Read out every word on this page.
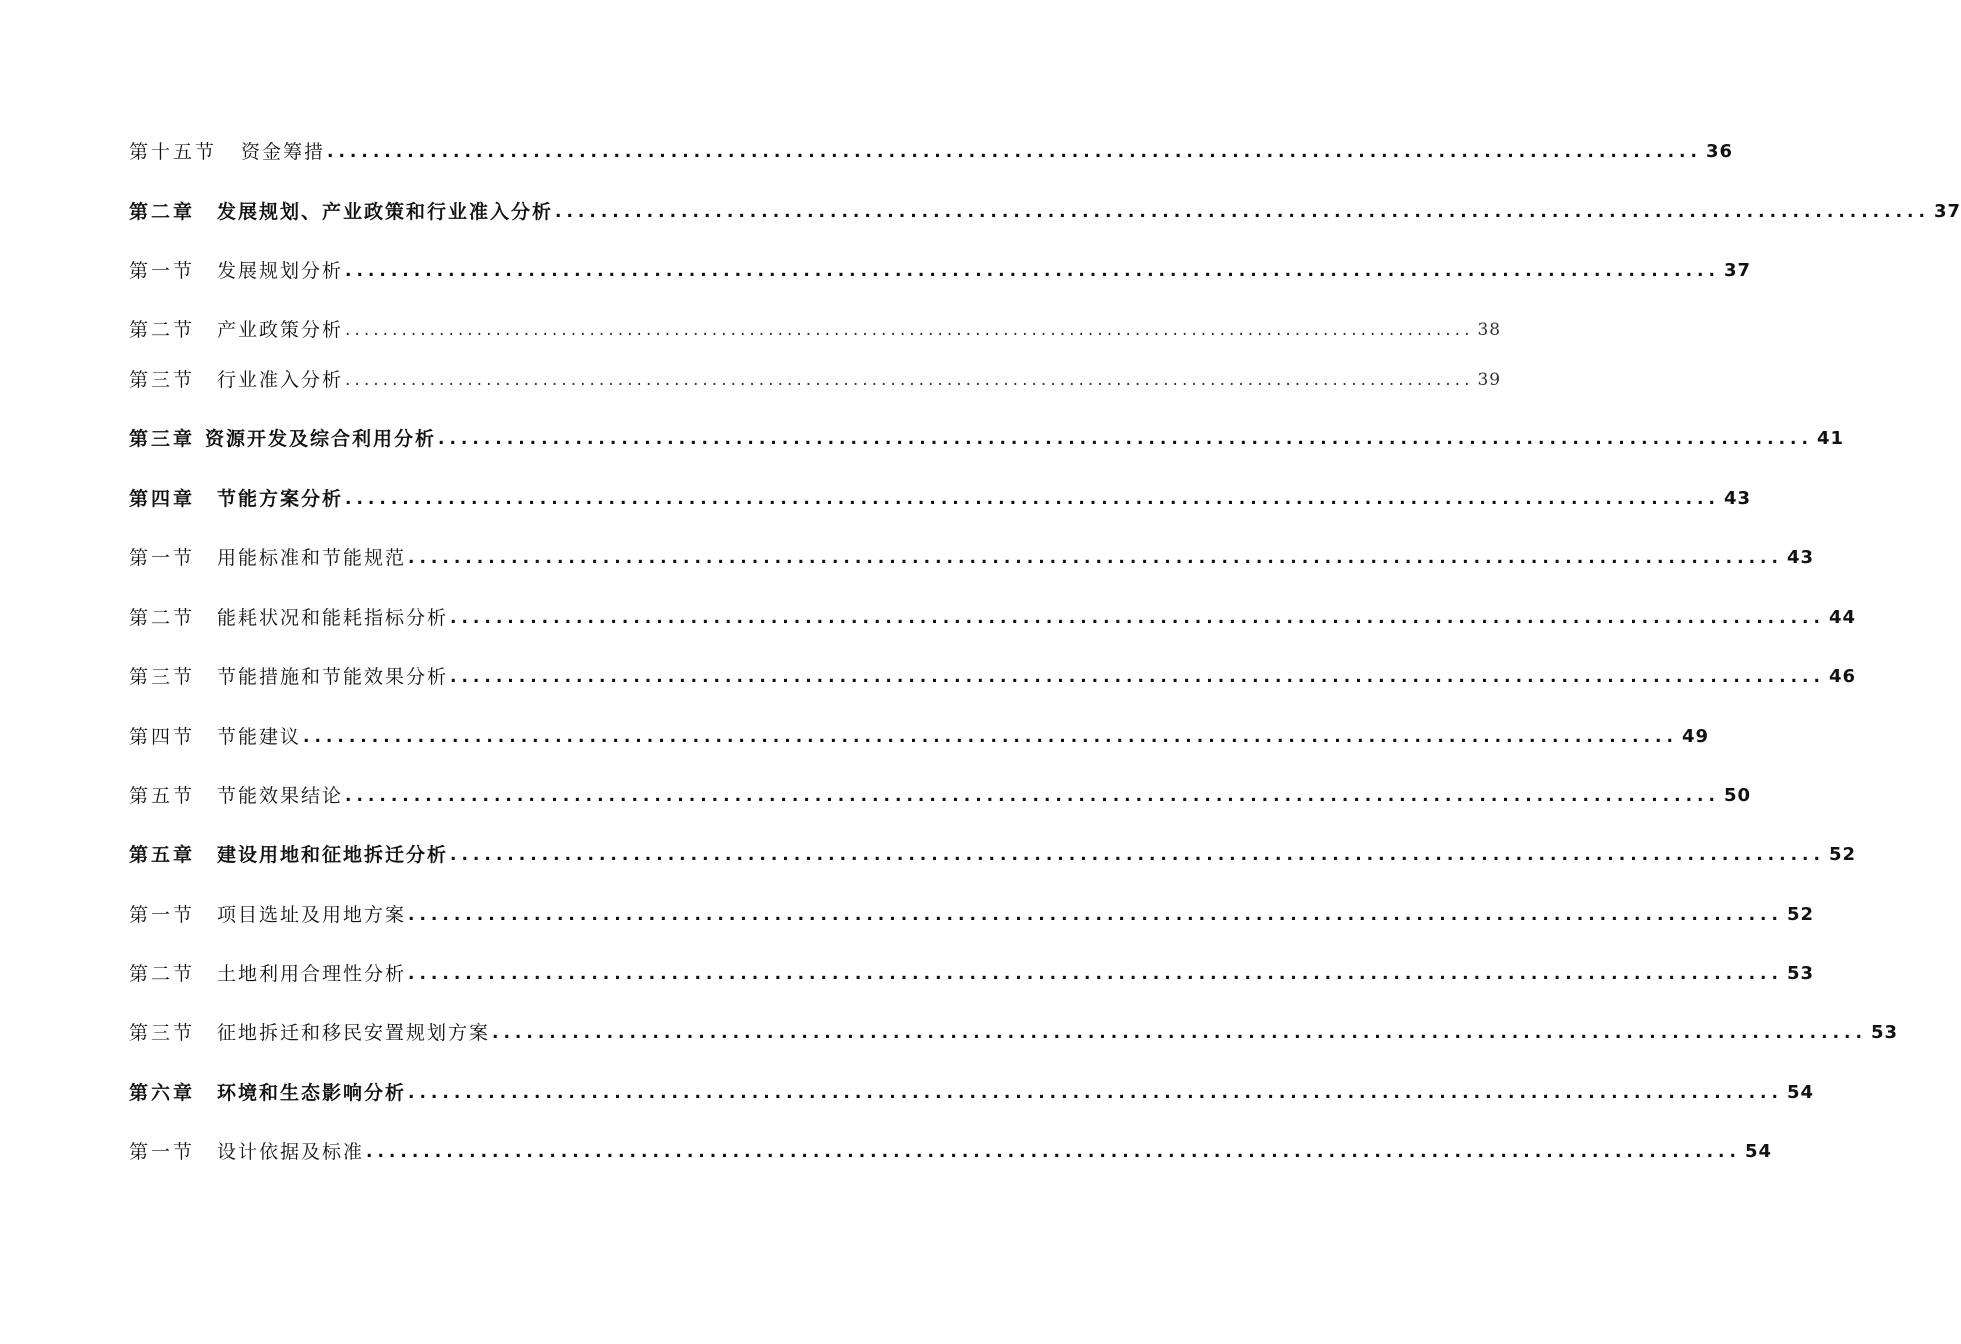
第十五节	资金筹措 ........................................................................................................................ 36
第二章	发展规划、产业政策和行业准入分析 ........................................................................................................................ 37
第一节	发展规划分析 ........................................................................................................................ 37
第二节	产业政策分析 ........................................................................................................................ 38
第三节	行业准入分析 ........................................................................................................................ 39
第三章 资源开发及综合利用分析 ........................................................................................................................ 41
第四章	节能方案分析 ........................................................................................................................ 43
第一节	用能标准和节能规范 ........................................................................................................................ 43
第二节	能耗状况和能耗指标分析 ........................................................................................................................ 44
第三节	节能措施和节能效果分析 ........................................................................................................................ 46
第四节	节能建议 ........................................................................................................................ 49
第五节	节能效果结论 ........................................................................................................................ 50
第五章	建设用地和征地拆迁分析 ........................................................................................................................ 52
第一节	项目选址及用地方案 ........................................................................................................................ 52
第二节	土地利用合理性分析 ........................................................................................................................ 53
第三节	征地拆迁和移民安置规划方案 ........................................................................................................................ 53
第六章	环境和生态影响分析 ........................................................................................................................ 54
第一节	设计依据及标准 ........................................................................................................................ 54
